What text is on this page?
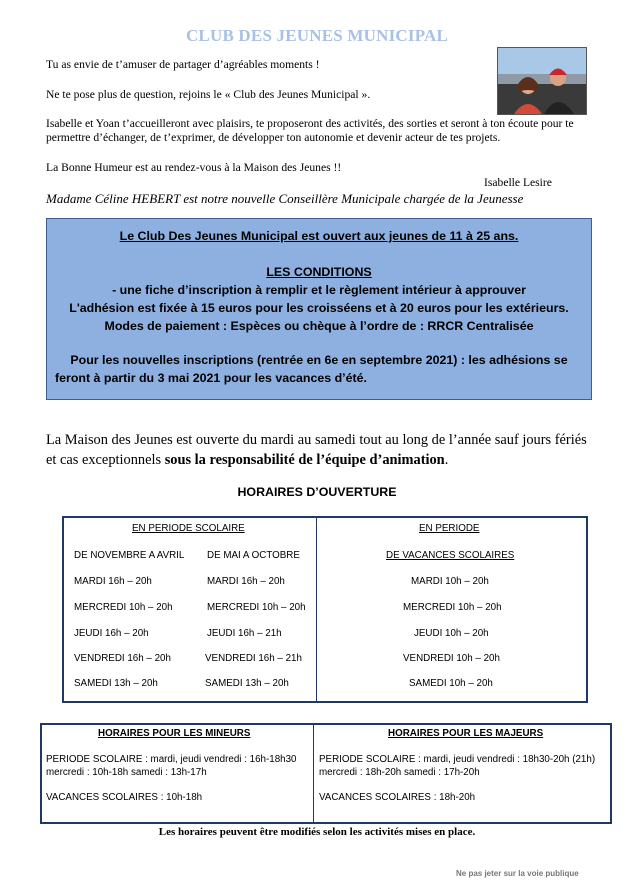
CLUB DES JEUNES MUNICIPAL
Tu as envie de t’amuser de partager d’agréables moments !
Ne te pose plus de question, rejoins le « Club des Jeunes Municipal ».
Isabelle et Yoan t’accueilleront avec plaisirs, te proposeront des activités, des sorties et seront à ton écoute pour te permettre d’échanger, de t’exprimer, de développer ton autonomie et devenir acteur de tes projets.
La Bonne Humeur est au rendez-vous à la Maison des Jeunes !!
Isabelle Lesire
Madame Céline HEBERT est notre nouvelle Conseillère Municipale chargée de la Jeunesse
Le Club Des Jeunes Municipal est ouvert aux jeunes de 11 à 25 ans.
LES CONDITIONS
- une fiche d’inscription à remplir et le règlement intérieur à approuver
L'adhésion est fixée à 15 euros pour les croisséens et à 20 euros pour les extérieurs.
Modes de paiement : Espèces ou chèque à l’ordre de : RRCR Centralisée
Pour les nouvelles inscriptions (rentrée en 6e en septembre 2021) : les adhésions se
feront à partir du 3 mai 2021 pour les vacances d’été.
La Maison des Jeunes est ouverte du mardi au samedi tout au long de l’année sauf jours fériés et cas exceptionnels sous la responsabilité de l’équipe d’animation.
HORAIRES D’OUVERTURE
EN PERIODE SCOLAIRE	EN PERIODE
DE NOVEMBRE A AVRIL DE MAI A OCTOBRE	DE VACANCES SCOLAIRES
MARDI 16h – 20h
MERCREDI 10h – 20h
JEUDI 16h – 20h
VENDREDI 16h – 20h
SAMEDI 13h – 20h
MARDI 16h – 20h
MERCREDI 10h – 20h
JEUDI 16h – 21h
VENDREDI 16h – 21h
SAMEDI 13h – 20h
MARDI 10h – 20h
MERCREDI 10h – 20h
JEUDI 10h – 20h
VENDREDI 10h – 20h
SAMEDI 10h – 20h
HORAIRES POUR LES MINEURS
PERIODE SCOLAIRE : mardi, jeudi vendredi : 16h-18h30
mercredi : 10h-18h samedi : 13h-17h
VACANCES SCOLAIRES : 10h-18h
HORAIRES POUR LES MAJEURS
PERIODE SCOLAIRE : mardi, jeudi vendredi : 18h30-20h (21h)
mercredi : 18h-20h samedi : 17h-20h
VACANCES SCOLAIRES : 18h-20h
Les horaires peuvent être modifiés selon les activités mises en place.
Ne pas jeter sur la voie publique
